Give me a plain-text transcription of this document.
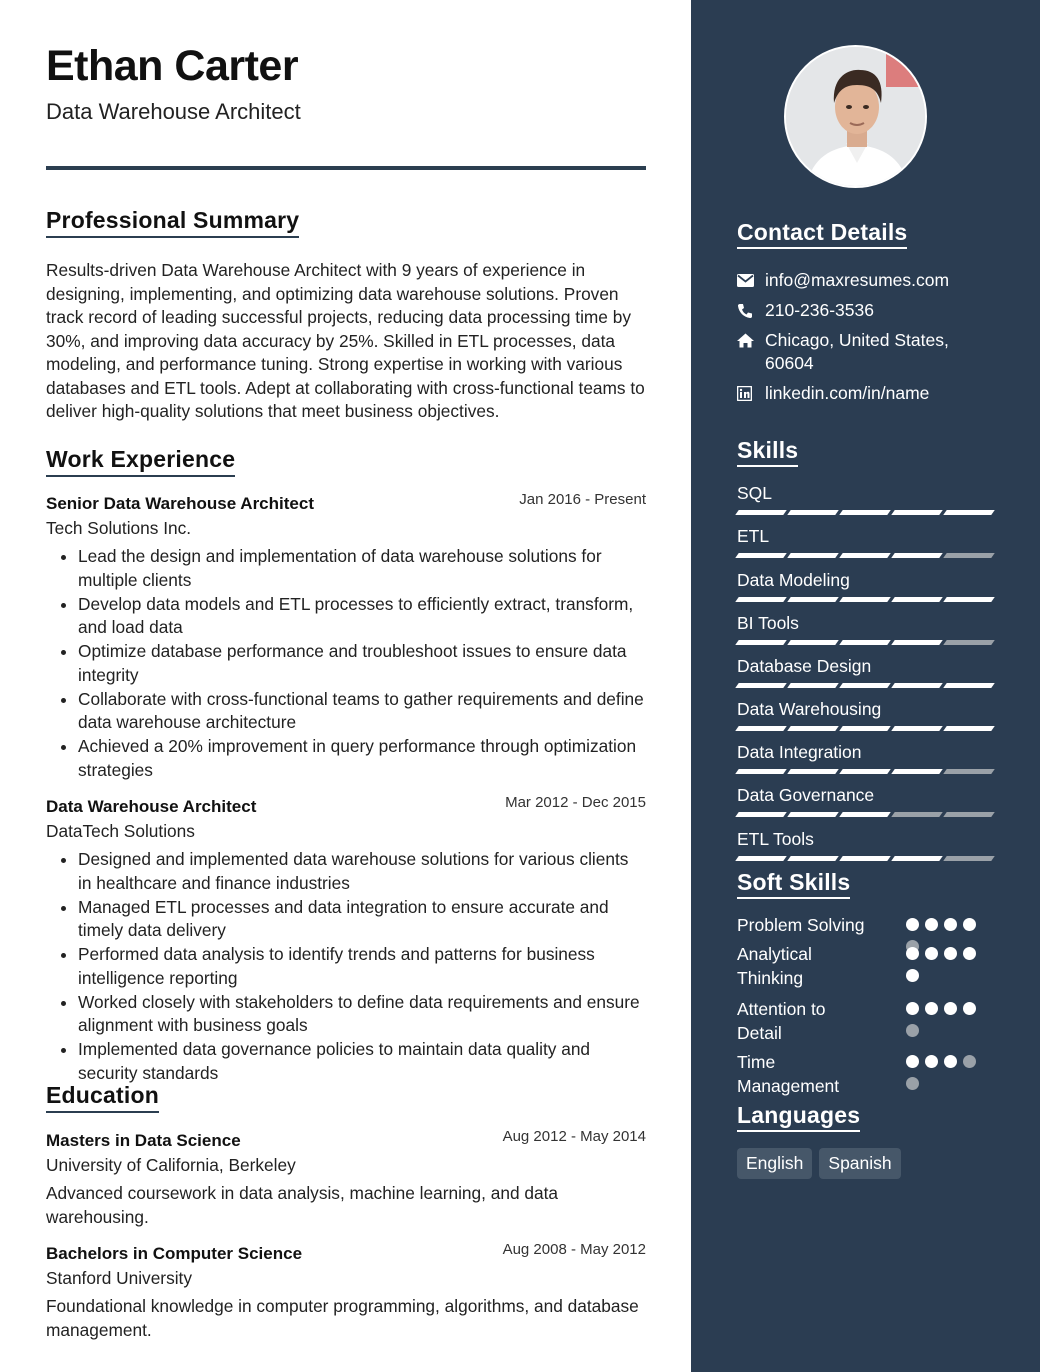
Ethan Carter
Data Warehouse Architect
Professional Summary
Results-driven Data Warehouse Architect with 9 years of experience in designing, implementing, and optimizing data warehouse solutions. Proven track record of leading successful projects, reducing data processing time by 30%, and improving data accuracy by 25%. Skilled in ETL processes, data modeling, and performance tuning. Strong expertise in working with various databases and ETL tools. Adept at collaborating with cross-functional teams to deliver high-quality solutions that meet business objectives.
Work Experience
Senior Data Warehouse Architect	Jan 2016 - Present
Tech Solutions Inc.
• Lead the design and implementation of data warehouse solutions for multiple clients
• Develop data models and ETL processes to efficiently extract, transform, and load data
• Optimize database performance and troubleshoot issues to ensure data integrity
• Collaborate with cross-functional teams to gather requirements and define data warehouse architecture
• Achieved a 20% improvement in query performance through optimization strategies
Data Warehouse Architect	Mar 2012 - Dec 2015
DataTech Solutions
• Designed and implemented data warehouse solutions for various clients in healthcare and finance industries
• Managed ETL processes and data integration to ensure accurate and timely data delivery
• Performed data analysis to identify trends and patterns for business intelligence reporting
• Worked closely with stakeholders to define data requirements and ensure alignment with business goals
• Implemented data governance policies to maintain data quality and security standards
Education
Masters in Data Science	Aug 2012 - May 2014
University of California, Berkeley
Advanced coursework in data analysis, machine learning, and data warehousing.
Bachelors in Computer Science	Aug 2008 - May 2012
Stanford University
Foundational knowledge in computer programming, algorithms, and database management.
Contact Details
info@maxresumes.com
210-236-3536
Chicago, United States, 60604
linkedin.com/in/name
Skills
SQL
ETL
Data Modeling
BI Tools
Database Design
Data Warehousing
Data Integration
Data Governance
ETL Tools
Soft Skills
Problem Solving
Analytical Thinking
Attention to Detail
Time Management
Languages
English	Spanish
